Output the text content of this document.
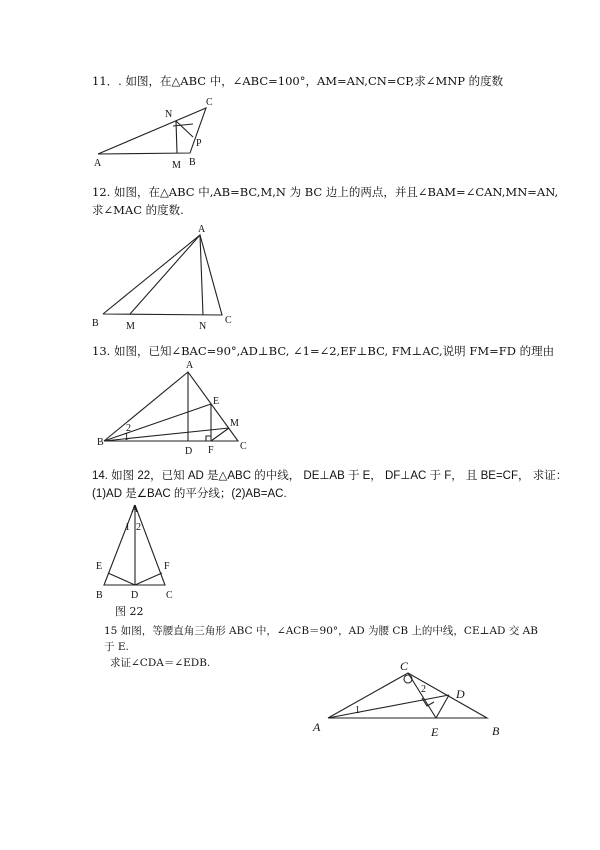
11．. 如图，在△ABC 中，∠ABC=100°，AM=AN,CN=CP,求∠MNP 的度数
A	B
C
N
M
P
12. 如图，在△ABC 中,AB=BC,M,N 为 BC 边上的两点，并且∠BAM=∠CAN,MN=AN,
求∠MAC 的度数.
A
B	C
M	N
13. 如图，已知∠BAC=90°,AD⊥BC, ∠1=∠2,EF⊥BC, FM⊥AC,说明 FM=FD 的理由
A
B	C
D
E
F
M
1
2
14. 如图 22，已知 AD 是△ABC 的中线， DE⊥AB 于 E， DF⊥AC 于 F， 且 BE=CF， 求证：
(1)AD 是∠BAC 的平分线；(2)AB=AC.
A
B	C
D
E	F
1 2
图 22
15 如图，等腰直角三角形 ABC 中，∠ACB＝90°，AD 为腰 CB 上的中线，CE⊥AD 交 AB
于 E.
求证∠CDA＝∠EDB.	C
A	B
D
E
1
2
